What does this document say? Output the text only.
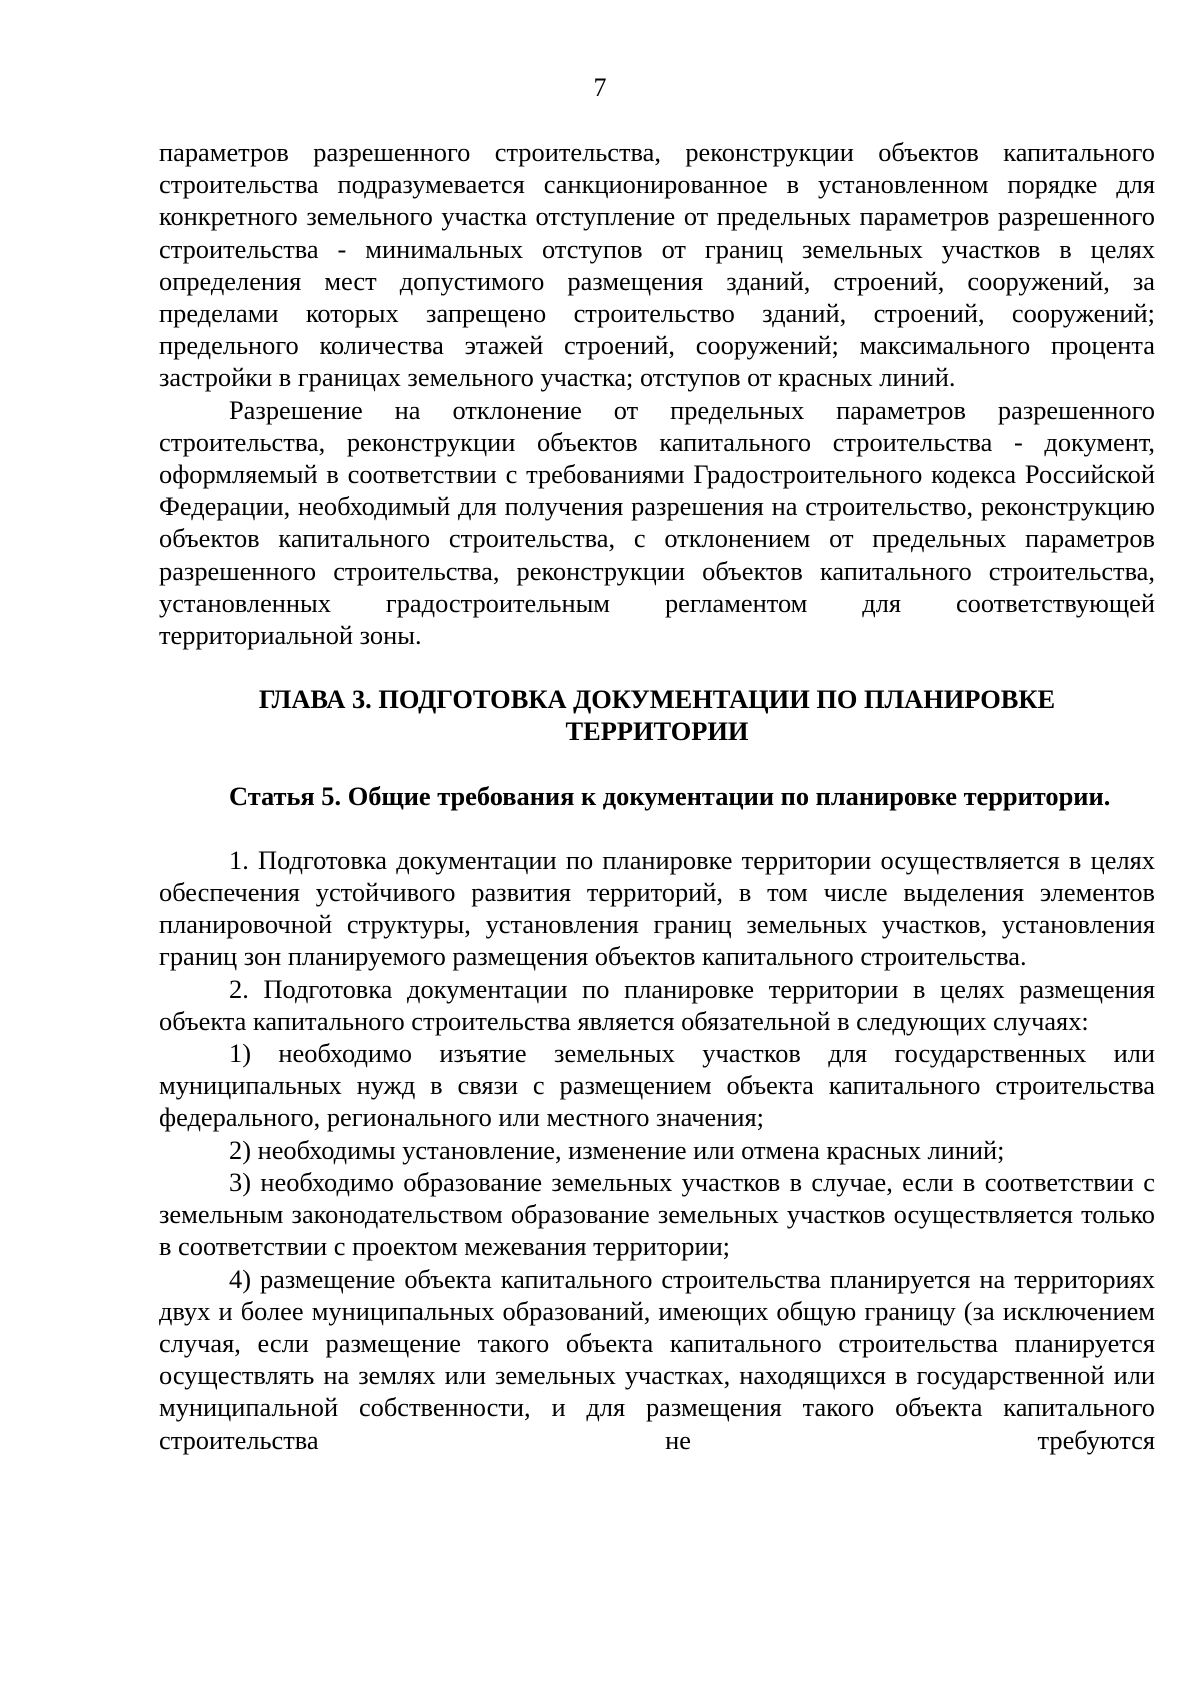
7

параметров разрешенного строительства, реконструкции объектов капитального строительства подразумевается санкционированное в установленном порядке для конкретного земельного участка отступление от предельных параметров разрешенного строительства - минимальных отступов от границ земельных участков в целях определения мест допустимого размещения зданий, строений, сооружений, за пределами которых запрещено строительство зданий, строений, сооружений; предельного количества этажей строений, сооружений; максимального процента застройки в границах земельного участка; отступов от красных линий.

Разрешение на отклонение от предельных параметров разрешенного строительства, реконструкции объектов капитального строительства - документ, оформляемый в соответствии с требованиями Градостроительного кодекса Российской Федерации, необходимый для получения разрешения на строительство, реконструкцию объектов капитального строительства, с отклонением от предельных параметров разрешенного строительства, реконструкции объектов капитального строительства, установленных градостроительным регламентом для соответствующей территориальной зоны.

ГЛАВА 3. ПОДГОТОВКА ДОКУМЕНТАЦИИ ПО ПЛАНИРОВКЕ
ТЕРРИТОРИИ

Статья 5. Общие требования к документации по планировке территории.

1. Подготовка документации по планировке территории осуществляется в целях обеспечения устойчивого развития территорий, в том числе выделения элементов планировочной структуры, установления границ земельных участков, установления границ зон планируемого размещения объектов капитального строительства.

2. Подготовка документации по планировке территории в целях размещения объекта капитального строительства является обязательной в следующих случаях:

1) необходимо изъятие земельных участков для государственных или муниципальных нужд в связи с размещением объекта капитального строительства федерального, регионального или местного значения;

2) необходимы установление, изменение или отмена красных линий;

3) необходимо образование земельных участков в случае, если в соответствии с земельным законодательством образование земельных участков осуществляется только в соответствии с проектом межевания территории;

4) размещение объекта капитального строительства планируется на территориях двух и более муниципальных образований, имеющих общую границу (за исключением случая, если размещение такого объекта капитального строительства планируется осуществлять на землях или земельных участках, находящихся в государственной или муниципальной собственности, и для размещения такого объекта капитального строительства не требуются
